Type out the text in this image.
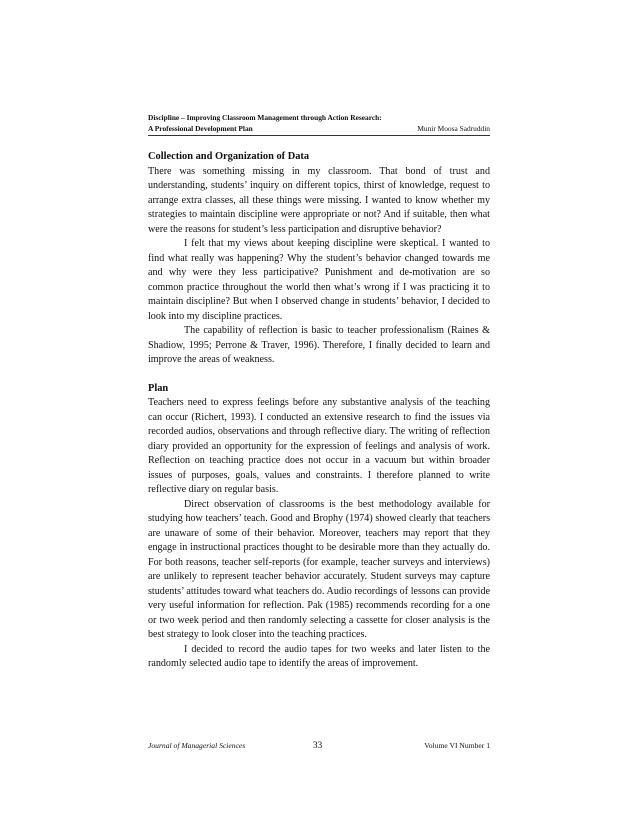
Discipline – Improving Classroom Management through Action Research:
A Professional Development Plan	Munir Moosa Sadruddin

Collection and Organization of Data

There was something missing in my classroom. That bond of trust and understanding, students’ inquiry on different topics, thirst of knowledge, request to arrange extra classes, all these things were missing. I wanted to know whether my strategies to maintain discipline were appropriate or not? And if suitable, then what were the reasons for student’s less participation and disruptive behavior?

I felt that my views about keeping discipline were skeptical. I wanted to find what really was happening? Why the student’s behavior changed towards me and why were they less participative? Punishment and de-motivation are so common practice throughout the world then what’s wrong if I was practicing it to maintain discipline? But when I observed change in students’ behavior, I decided to look into my discipline practices.

The capability of reflection is basic to teacher professionalism (Raines & Shadiow, 1995; Perrone & Traver, 1996). Therefore, I finally decided to learn and improve the areas of weakness.

Plan

Teachers need to express feelings before any substantive analysis of the teaching can occur (Richert, 1993). I conducted an extensive research to find the issues via recorded audios, observations and through reflective diary. The writing of reflection diary provided an opportunity for the expression of feelings and analysis of work. Reflection on teaching practice does not occur in a vacuum but within broader issues of purposes, goals, values and constraints. I therefore planned to write reflective diary on regular basis.

Direct observation of classrooms is the best methodology available for studying how teachers’ teach. Good and Brophy (1974) showed clearly that teachers are unaware of some of their behavior. Moreover, teachers may report that they engage in instructional practices thought to be desirable more than they actually do. For both reasons, teacher self-reports (for example, teacher surveys and interviews) are unlikely to represent teacher behavior accurately. Student surveys may capture students’ attitudes toward what teachers do. Audio recordings of lessons can provide very useful information for reflection. Pak (1985) recommends recording for a one or two week period and then randomly selecting a cassette for closer analysis is the best strategy to look closer into the teaching practices.

I decided to record the audio tapes for two weeks and later listen to the randomly selected audio tape to identify the areas of improvement.

Journal of Managerial Sciences	33	Volume VI Number 1
